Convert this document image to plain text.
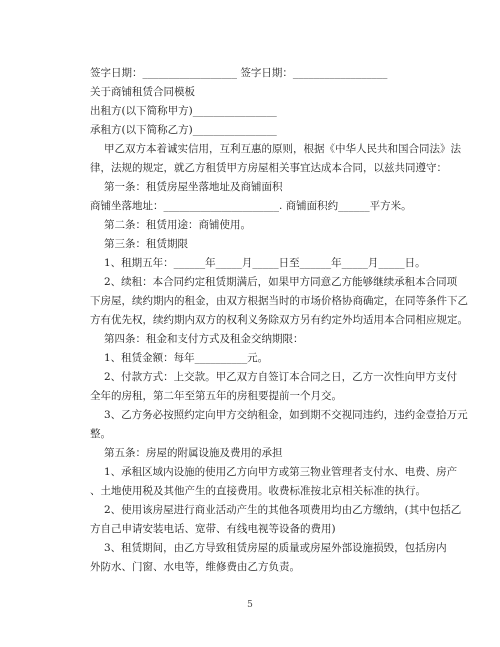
签字日期：__________________ 签字日期：__________________
关于商铺租赁合同模板
出租方(以下简称甲方)________________
承租方(以下简称乙方)________________
甲乙双方本着诚实信用，互利互惠的原则，根据《中华人民共和国合同法》法
律，法规的规定，就乙方租赁甲方房屋相关事宜达成本合同，以兹共同遵守：
第一条：租赁房屋坐落地址及商铺面积
商铺坐落地址：______________________. 商铺面积约______平方米。
第二条：租赁用途：商铺使用。
第三条：租赁期限
1、租期五年：______年_____月_____日至______年_____月_____日。
2、续租：本合同约定租赁期满后，如果甲方同意乙方能够继续承租本合同项
下房屋，续约期内的租金，由双方根据当时的市场价格协商确定，在同等条件下乙
方有优先权，续约期内双方的权利义务除双方另有约定外均适用本合同相应规定。
第四条：租金和支付方式及租金交纳期限：
1、租赁金额：每年__________元。
2、付款方式：上交款。甲乙双方自签订本合同之日，乙方一次性向甲方支付
全年的房租，第二年至第五年的房租要提前一个月交。
3、乙方务必按照约定向甲方交纳租金，如到期不交视同违约，违约金壹拾万元
整。
第五条：房屋的附属设施及费用的承担
1、承租区域内设施的使用乙方向甲方或第三物业管理者支付水、电费、房产
、土地使用税及其他产生的直接费用。收费标准按北京相关标准的执行。
2、使用该房屋进行商业活动产生的其他各项费用均由乙方缴纳，(其中包括乙
方自己申请安装电话、宽带、有线电视等设备的费用)
3、租赁期间，由乙方导致租赁房屋的质量或房屋外部设施损毁，包括房内
外防水、门窗、水电等，维修费由乙方负责。
5
